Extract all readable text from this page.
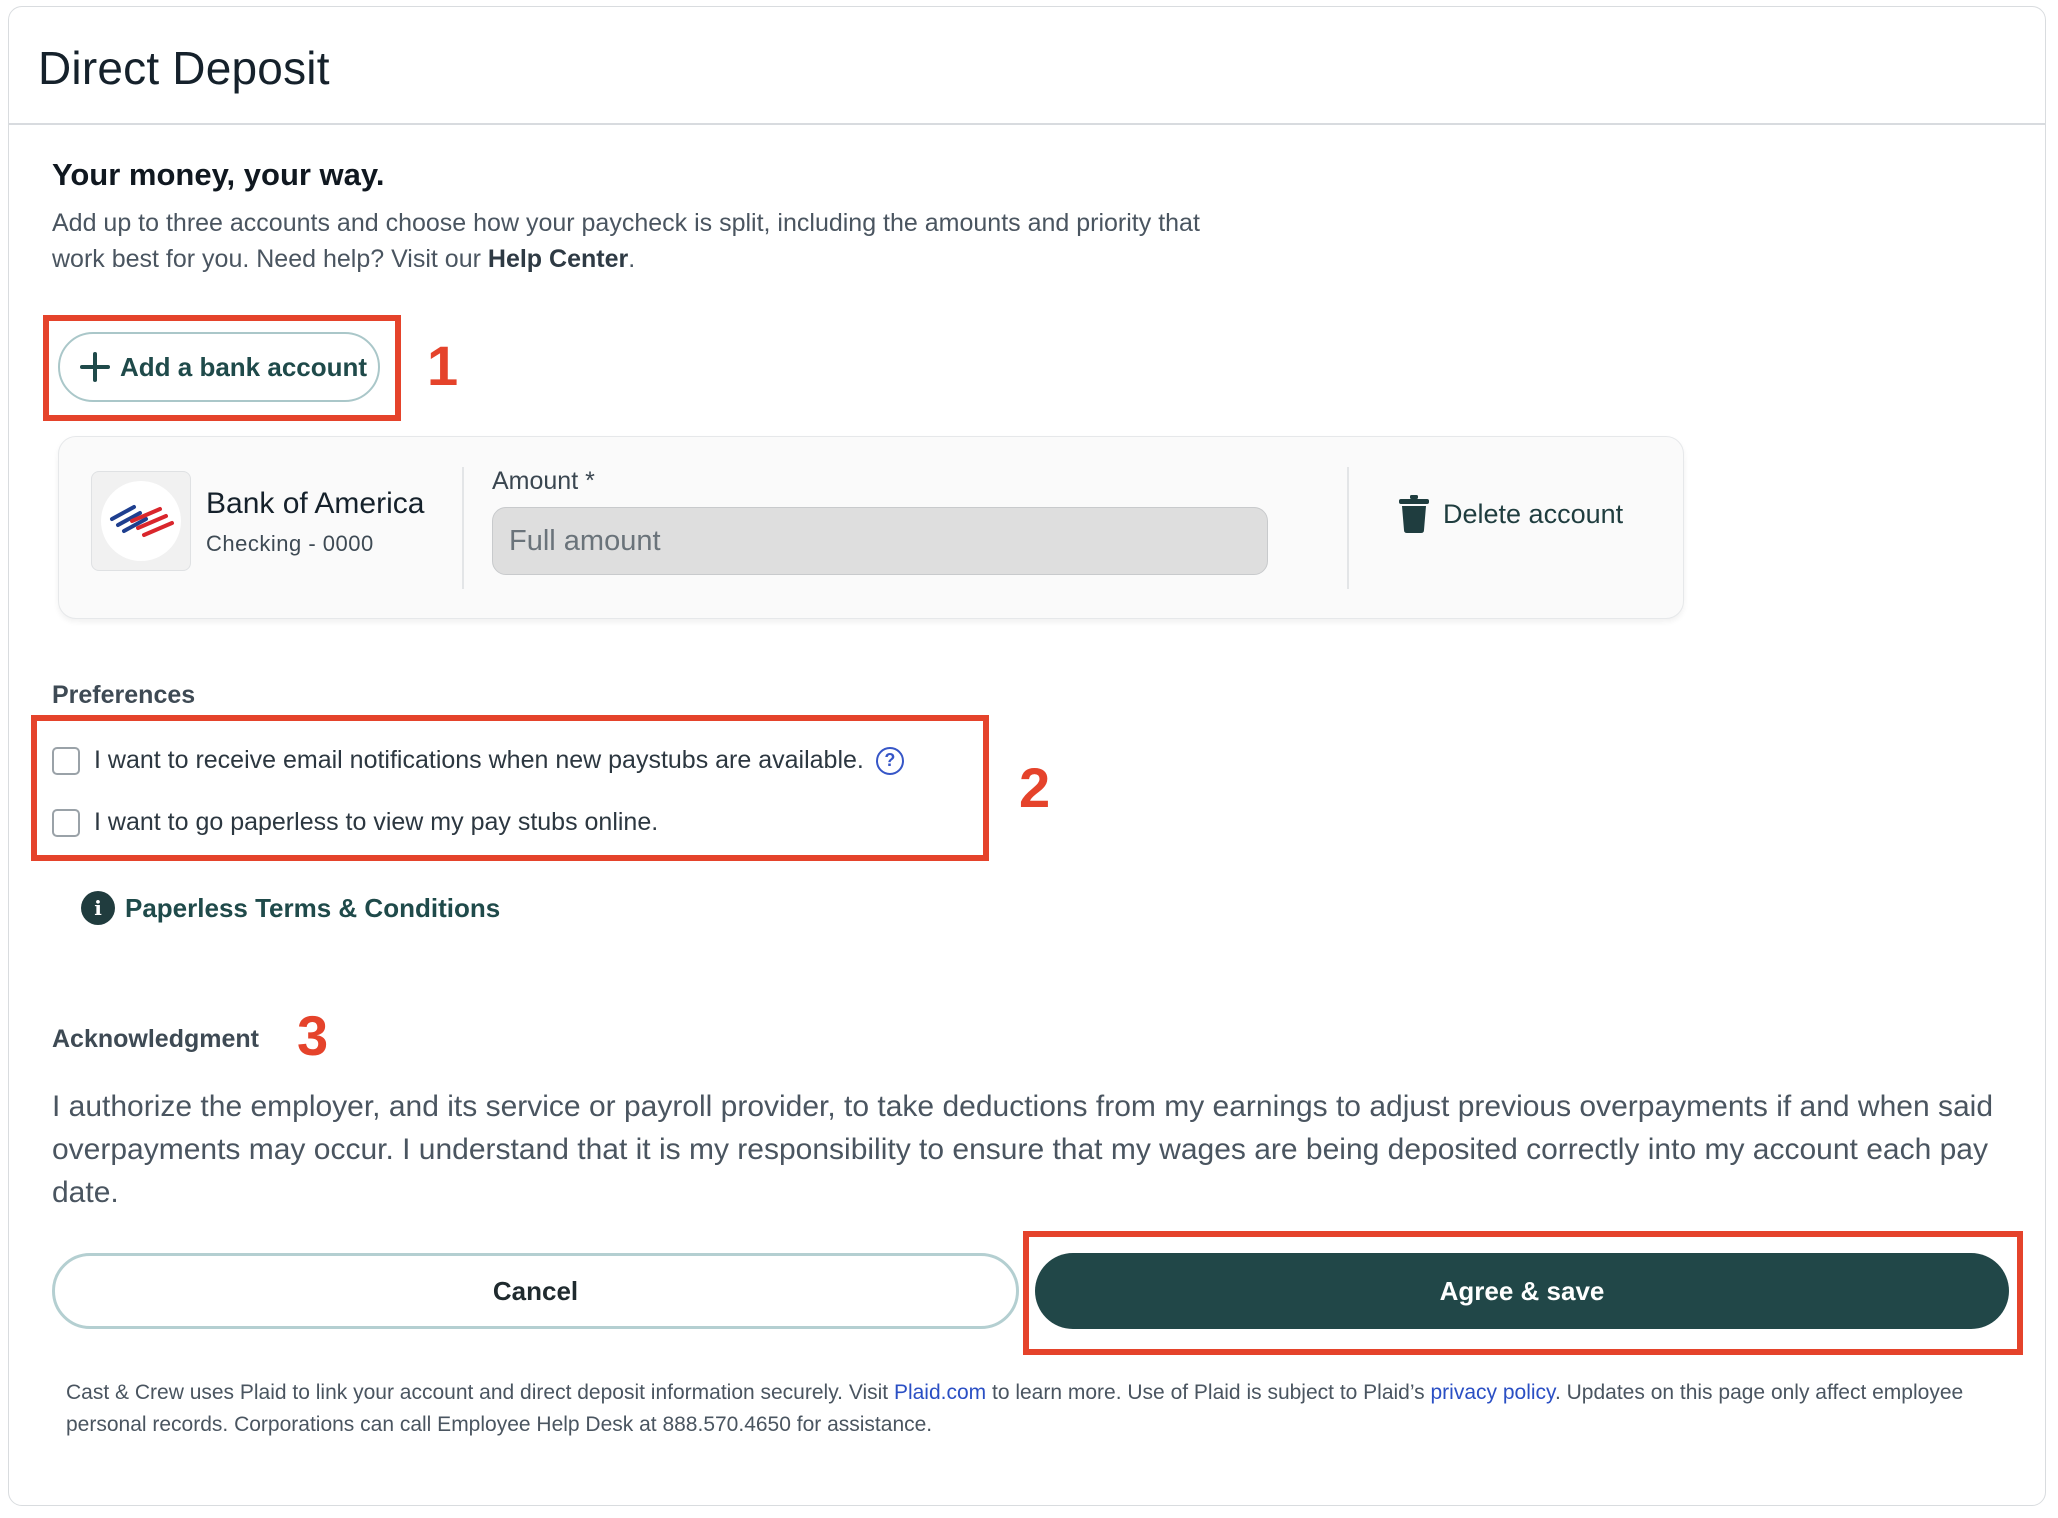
Direct Deposit
Your money, your way.
Add up to three accounts and choose how your paycheck is split, including the amounts and priority that work best for you. Need help? Visit our Help Center.
Add a bank account 1
Bank of America
Checking - 0000
Amount *
Full amount
Delete account
Preferences
I want to receive email notifications when new paystubs are available.	?
I want to go paperless to view my pay stubs online.
2
i Paperless Terms & Conditions
Acknowledgment 3
I authorize the employer, and its service or payroll provider, to take deductions from my earnings to adjust previous overpayments if and when said overpayments may occur. I understand that it is my responsibility to ensure that my wages are being deposited correctly into my account each pay date.
Cancel	Agree & save
Cast & Crew uses Plaid to link your account and direct deposit information securely. Visit Plaid.com to learn more. Use of Plaid is subject to Plaid’s privacy policy. Updates on this page only affect employee personal records. Corporations can call Employee Help Desk at 888.570.4650 for assistance.
